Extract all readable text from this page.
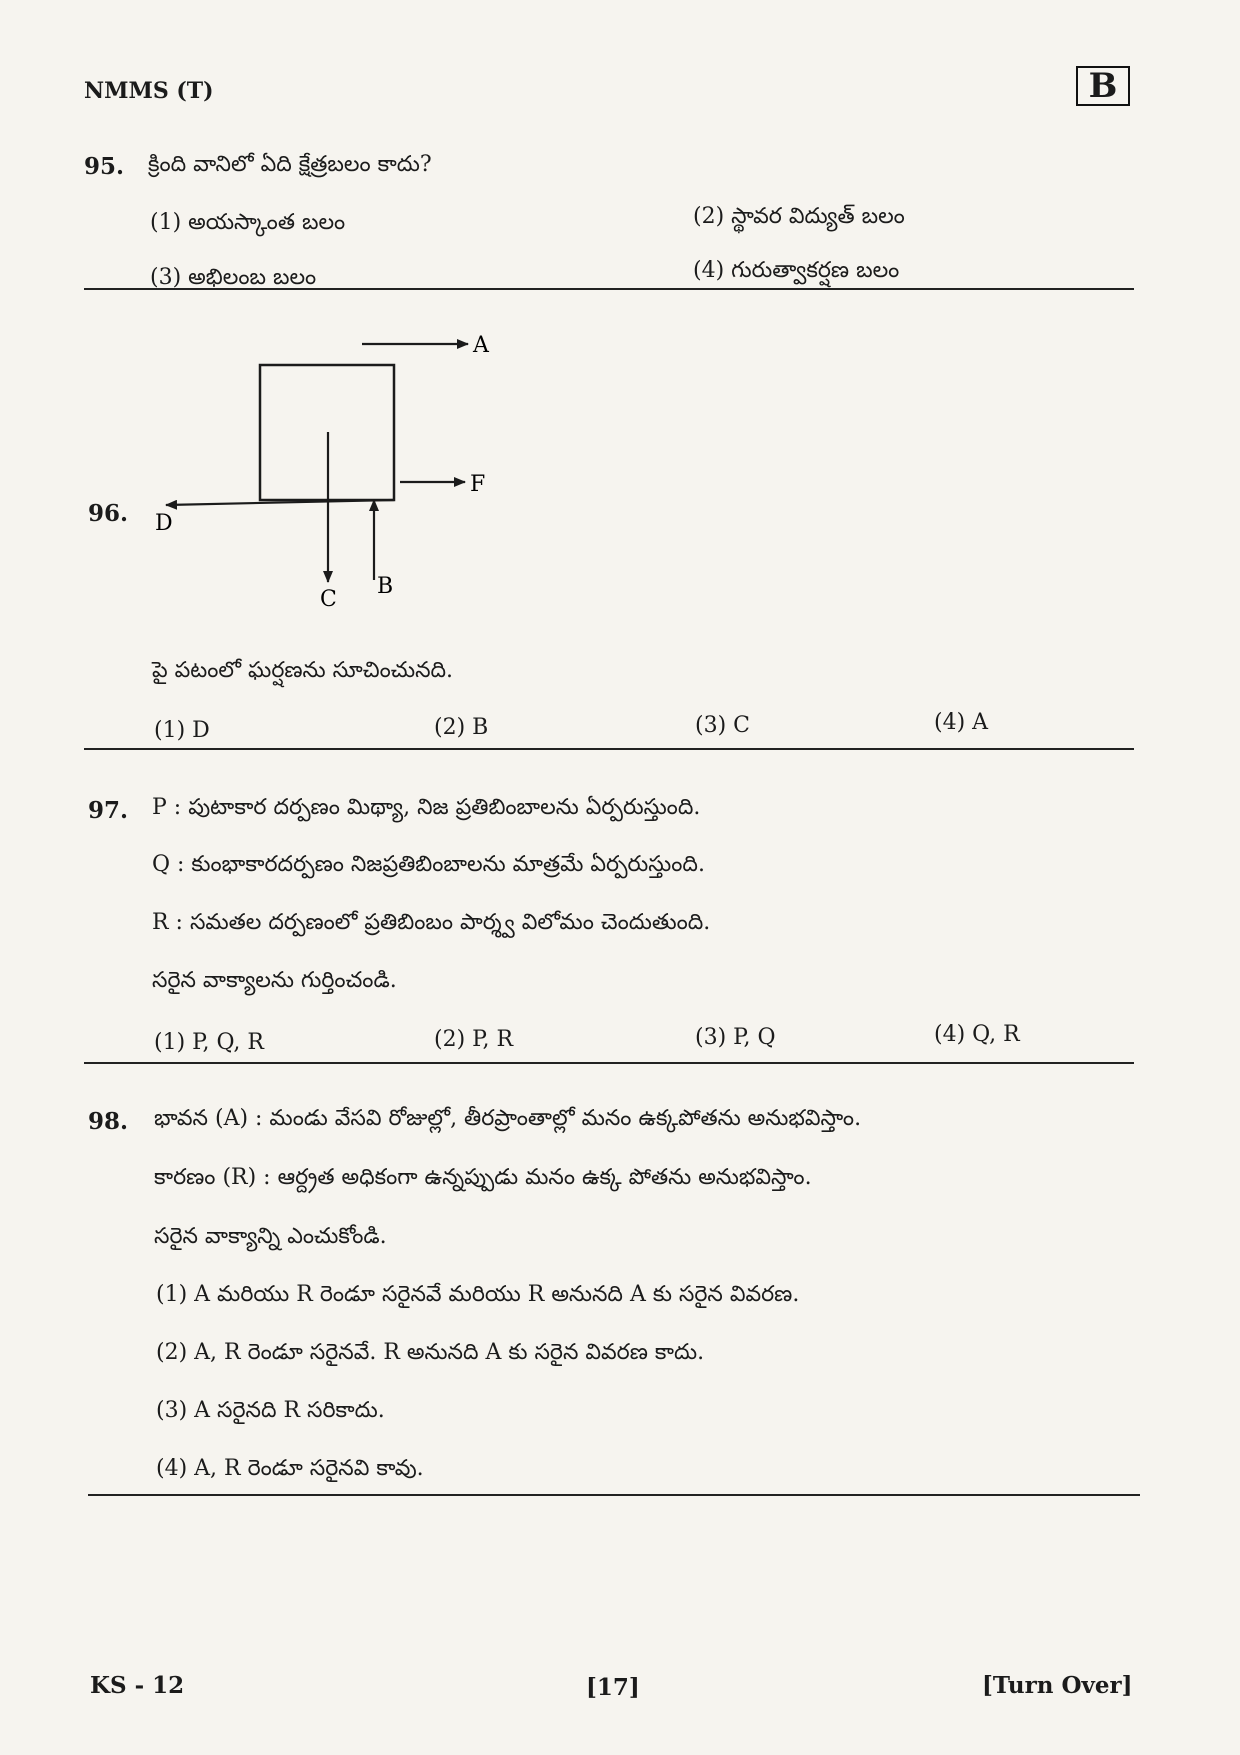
NMMS (T)	B
95. క్రింది వానిలో ఏది క్షేత్రబలం కాదు?
(1) అయస్కాంత బలం	(2) స్థావర విద్యుత్ బలం
(3) అభిలంబ బలం	(4) గురుత్వాకర్షణ బలం
A
F
D
C
B
96.
పై పటంలో ఘర్షణను సూచించునది.
(1) D	(2) B	(3) C	(4) A
97. P : పుటాకార దర్పణం మిథ్యా, నిజ ప్రతిబింబాలను ఏర్పరుస్తుంది.
Q : కుంభాకారదర్పణం నిజప్రతిబింబాలను మాత్రమే ఏర్పరుస్తుంది.
R : సమతల దర్పణంలో ప్రతిబింబం పార్శ్వ విలోమం చెందుతుంది.
సరైన వాక్యాలను గుర్తించండి.
(1) P, Q, R	(2) P, R	(3) P, Q	(4) Q, R
98. భావన (A) : మండు వేసవి రోజుల్లో, తీరప్రాంతాల్లో మనం ఉక్కపోతను అనుభవిస్తాం.
కారణం (R) : ఆర్ద్రత అధికంగా ఉన్నప్పుడు మనం ఉక్క పోతను అనుభవిస్తాం.
సరైన వాక్యాన్ని ఎంచుకోండి.
(1) A మరియు R రెండూ సరైనవే మరియు R అనునది A కు సరైన వివరణ.
(2) A, R రెండూ సరైనవే. R అనునది A కు సరైన వివరణ కాదు.
(3) A సరైనది R సరికాదు.
(4) A, R రెండూ సరైనవి కావు.
KS - 12	[17]	[Turn Over]
